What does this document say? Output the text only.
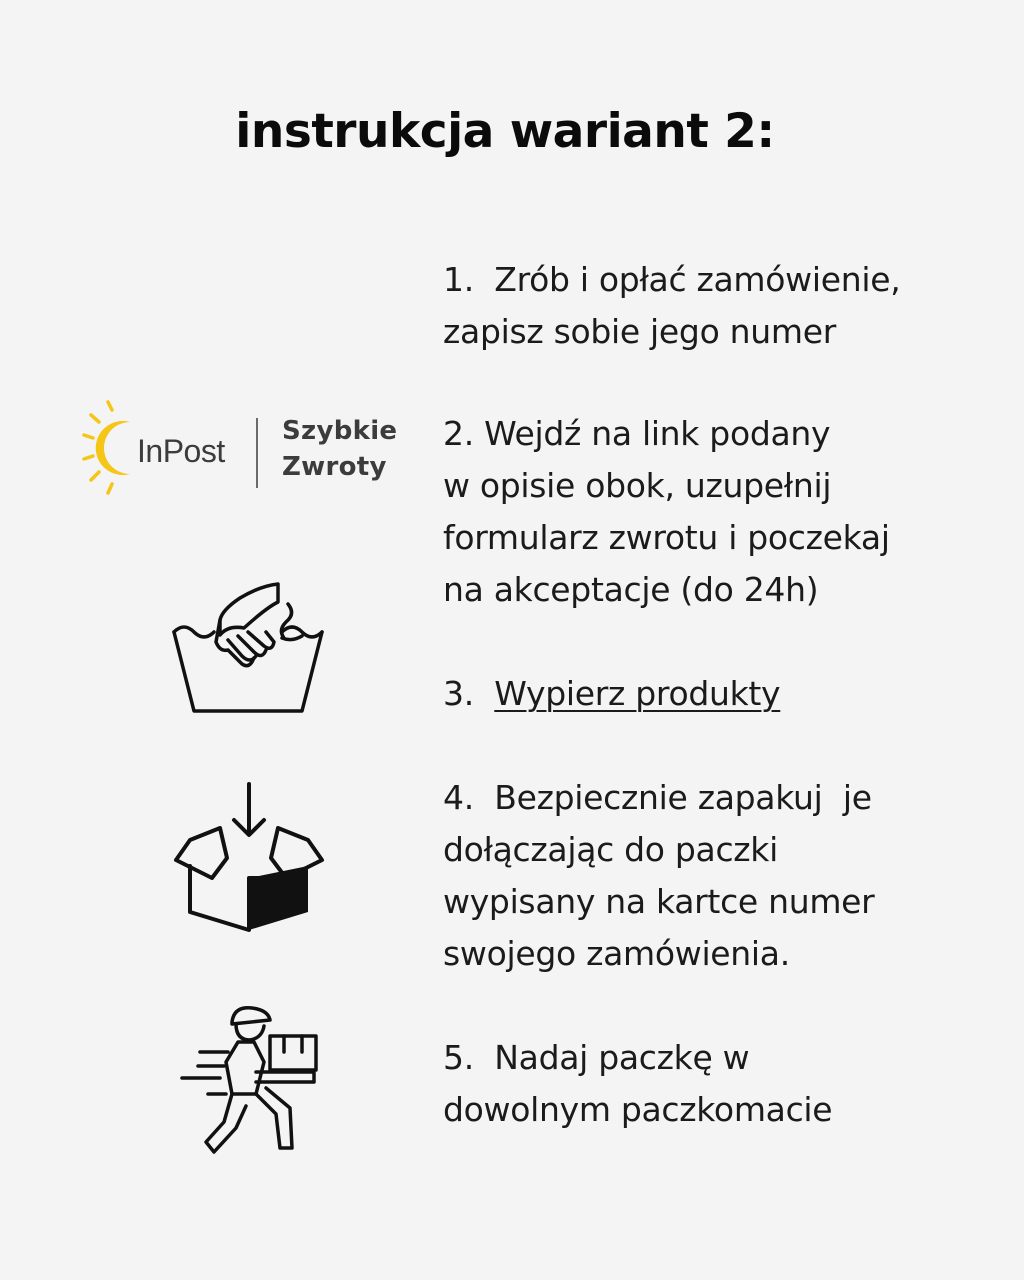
instrukcja wariant 2:
InPost
Szybkie
Zwroty
1. Zrób i opłać zamówienie,
zapisz sobie jego numer
2. Wejdź na link podany
w opisie obok, uzupełnij
formularz zwrotu i poczekaj
na akceptacje (do 24h)
3. Wypierz produkty
4. Bezpiecznie zapakuj  je
dołączając do paczki
wypisany na kartce numer
swojego zamówienia.
5. Nadaj paczkę w
dowolnym paczkomacie
